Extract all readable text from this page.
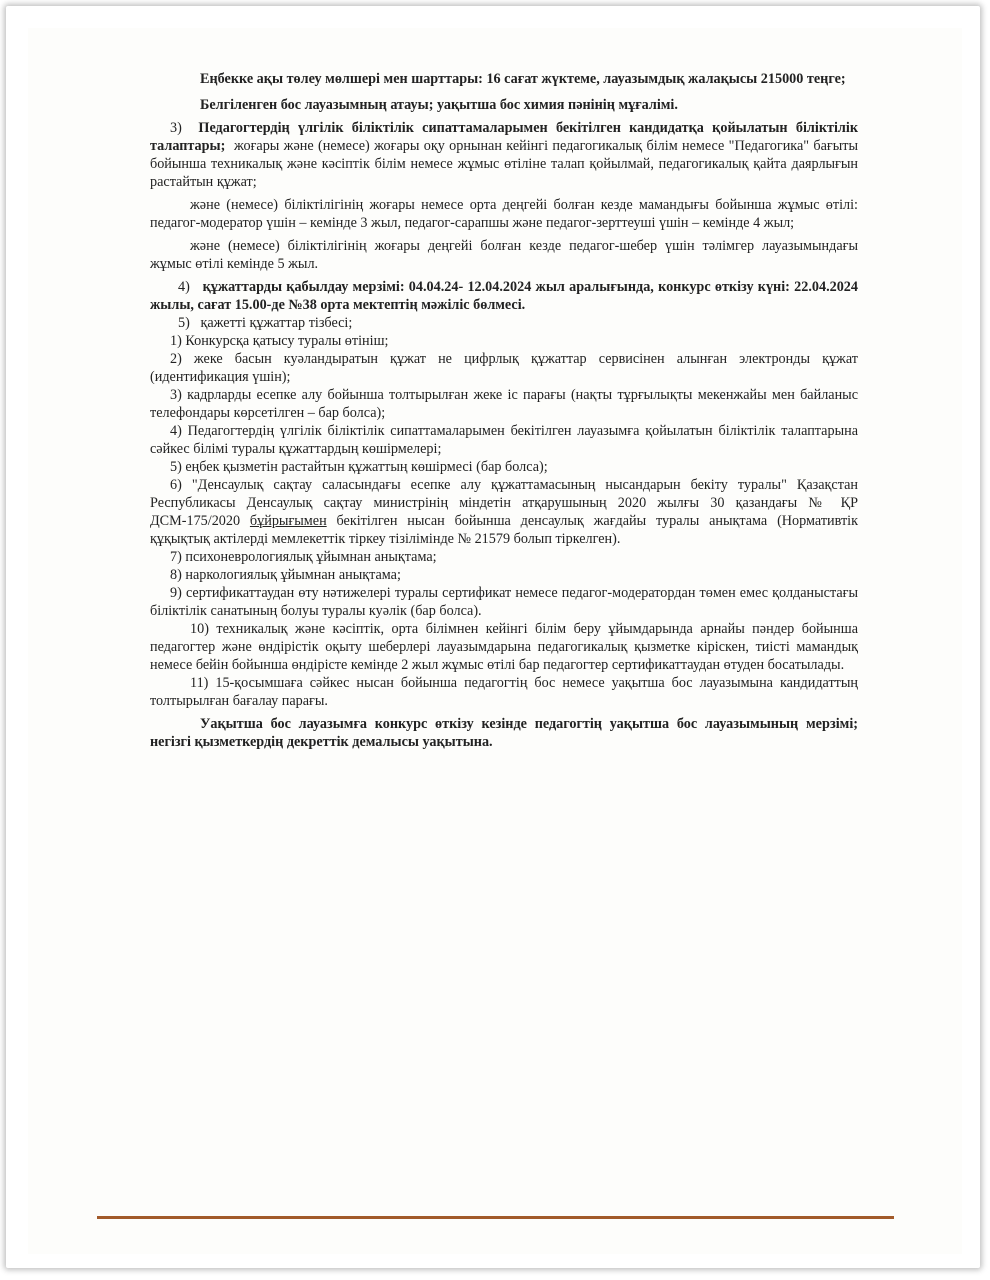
Еңбекке ақы төлеу мөлшері мен шарттары: 16 сағат жүктеме, лауазымдық жалақысы 215000 теңге;

Белгіленген бос лауазымның атауы; уақытша бос химия пәнінің мұғалімі.

3) Педагогтердің үлгілік біліктілік сипаттамаларымен бекітілген кандидатқа қойылатын біліктілік талаптары; жоғары және (немесе) жоғары оқу орнынан кейінгі педагогикалық білім немесе "Педагогика" бағыты бойынша техникалық және кәсіптік білім немесе жұмыс өтіліне талап қойылмай, педагогикалық қайта даярлығын растайтын құжат;

және (немесе) біліктілігінің жоғары немесе орта деңгейі болған кезде мамандығы бойынша жұмыс өтілі: педагог-модератор үшін – кемінде 3 жыл, педагог-сарапшы және педагог-зерттеуші үшін – кемінде 4 жыл;

және (немесе) біліктілігінің жоғары деңгейі болған кезде педагог-шебер үшін тәлімгер лауазымындағы жұмыс өтілі кемінде 5 жыл.

4) құжаттарды қабылдау мерзімі: 04.04.24- 12.04.2024 жыл аралығында, конкурс өткізу күні: 22.04.2024 жылы, сағат 15.00-де №38 орта мектептің мәжіліс бөлмесі.

5) қажетті құжаттар тізбесі;

1) Конкурсқа қатысу туралы өтініш;

2) жеке басын куәландыратын құжат не цифрлық құжаттар сервисінен алынған электронды құжат (идентификация үшін);

3) кадрларды есепке алу бойынша толтырылған жеке іс парағы (нақты тұрғылықты мекенжайы мен байланыс телефондары көрсетілген – бар болса);

4) Педагогтердің үлгілік біліктілік сипаттамаларымен бекітілген лауазымға қойылатын біліктілік талаптарына сәйкес білімі туралы құжаттардың көшірмелері;

5) еңбек қызметін растайтын құжаттың көшірмесі (бар болса);

6) "Денсаулық сақтау саласындағы есепке алу құжаттамасының нысандарын бекіту туралы" Қазақстан Республикасы Денсаулық сақтау министрінің міндетін атқарушының 2020 жылғы 30 қазандағы № ҚР ДСМ-175/2020 бұйрығымен бекітілген нысан бойынша денсаулық жағдайы туралы анықтама (Нормативтік құқықтық актілерді мемлекеттік тіркеу тізілімінде № 21579 болып тіркелген).

7) психоневрологиялық ұйымнан анықтама;

8) наркологиялық ұйымнан анықтама;

9) сертификаттаудан өту нәтижелері туралы сертификат немесе педагог-модератордан төмен емес қолданыстағы біліктілік санатының болуы туралы куәлік (бар болса).

10) техникалық және кәсіптік, орта білімнен кейінгі білім беру ұйымдарында арнайы пәндер бойынша педагогтер және өндірістік оқыту шеберлері лауазымдарына педагогикалық қызметке кіріскен, тиісті мамандық немесе бейін бойынша өндірісте кемінде 2 жыл жұмыс өтілі бар педагогтер сертификаттаудан өтуден босатылады.

11) 15-қосымшаға сәйкес нысан бойынша педагогтің бос немесе уақытша бос лауазымына кандидаттың толтырылған бағалау парағы.

Уақытша бос лауазымға конкурс өткізу кезінде педагогтің уақытша бос лауазымының мерзімі; негізгі қызметкердің декреттік демалысы уақытына.
